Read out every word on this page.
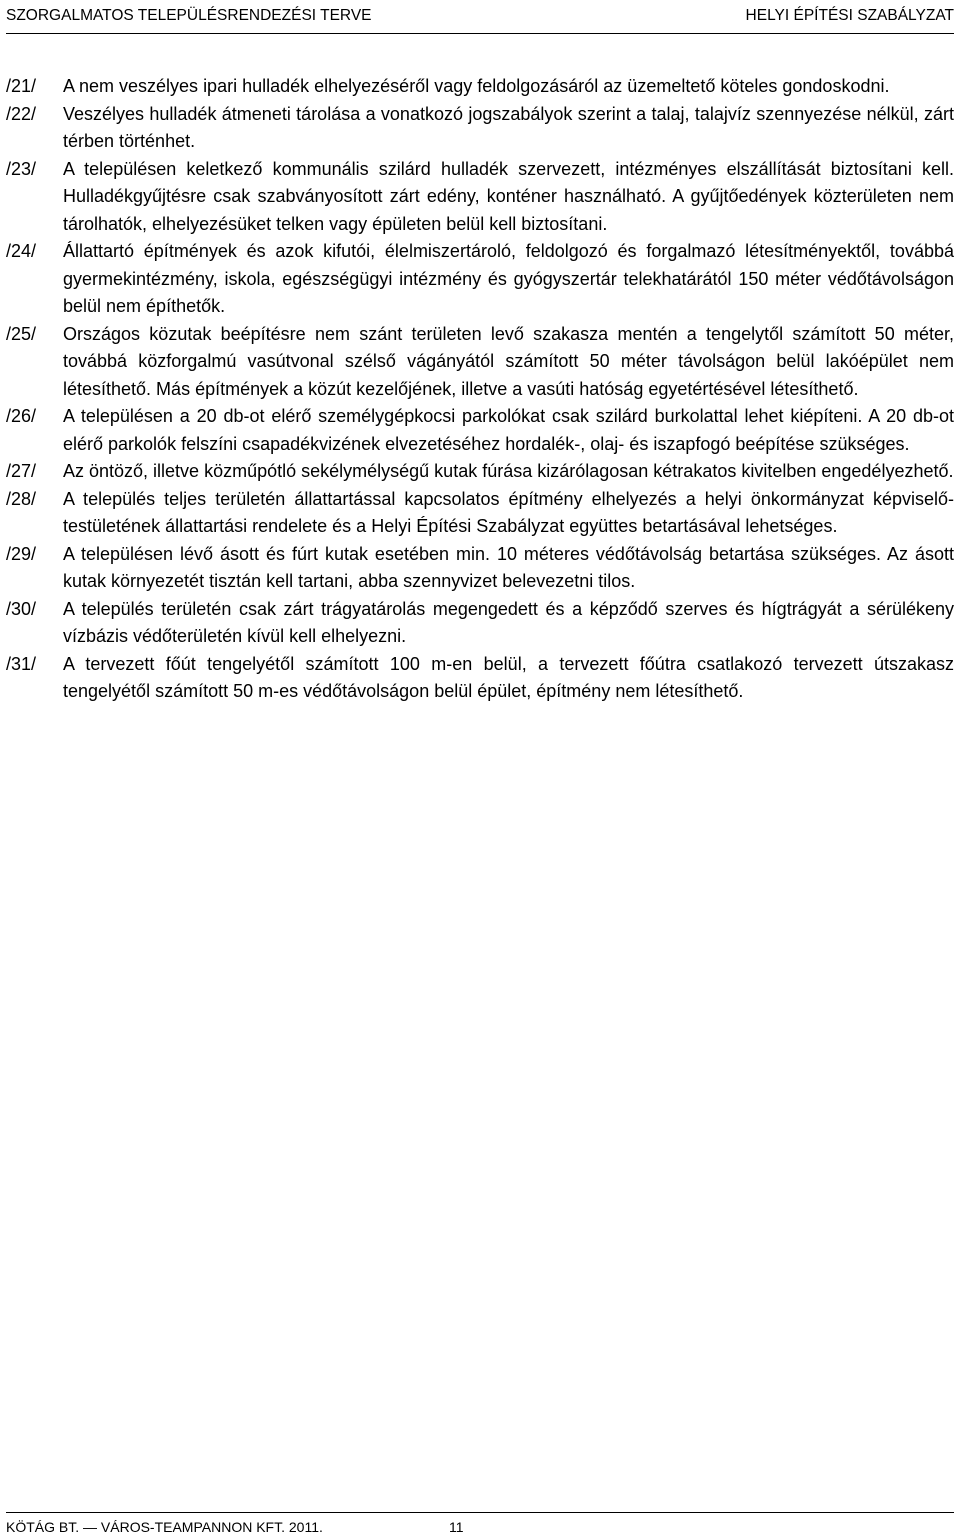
SZORGALMATOS TELEPÜLÉSRENDEZÉSI TERVE	HELYI ÉPÍTÉSI SZABÁLYZAT
/21/	A nem veszélyes ipari hulladék elhelyezéséről vagy feldolgozásáról az üzemeltető köteles gondoskodni.

/22/	Veszélyes hulladék átmeneti tárolása a vonatkozó jogszabályok szerint a talaj, talajvíz szennyezése nélkül, zárt térben történhet.

/23/	A településen keletkező kommunális szilárd hulladék szervezett, intézményes elszállítását biztosítani kell. Hulladékgyűjtésre csak szabványosított zárt edény, konténer használható. A gyűjtőedények közterületen nem tárolhatók, elhelyezésüket telken vagy épületen belül kell biztosítani.

/24/	Állattartó építmények és azok kifutói, élelmiszertároló, feldolgozó és forgalmazó létesítményektől, továbbá gyermekintézmény, iskola, egészségügyi intézmény és gyógyszertár telekhatárától 150 méter védőtávolságon belül nem építhetők.

/25/	Országos közutak beépítésre nem szánt területen levő szakasza mentén a tengelytől számított 50 méter, továbbá közforgalmú vasútvonal szélső vágányától számított 50 méter távolságon belül lakóépület nem létesíthető. Más építmények a közút kezelőjének, illetve a vasúti hatóság egyetértésével létesíthető.

/26/	A településen a 20 db-ot elérő személygépkocsi parkolókat csak szilárd burkolattal lehet kiépíteni. A 20 db-ot elérő parkolók felszíni csapadékvizének elvezetéséhez hordalék-, olaj- és iszapfogó beépítése szükséges.

/27/	Az öntöző, illetve közműpótló sekélymélységű kutak fúrása kizárólagosan kétrakatos kivitelben engedélyezhető.

/28/	A település teljes területén állattartással kapcsolatos építmény elhelyezés a helyi önkormányzat képviselő-testületének állattartási rendelete és a Helyi Építési Szabályzat együttes betartásával lehetséges.

/29/	A településen lévő ásott és fúrt kutak esetében min. 10 méteres védőtávolság betartása szükséges. Az ásott kutak környezetét tisztán kell tartani, abba szennyvizet belevezetni tilos.

/30/	A település területén csak zárt trágyatárolás megengedett és a képződő szerves és hígtrágyát a sérülékeny vízbázis védőterületén kívül kell elhelyezni.

/31/	A tervezett főút tengelyétől számított 100 m-en belül, a tervezett főútra csatlakozó tervezett útszakasz tengelyétől számított 50 m-es védőtávolságon belül épület, építmény nem létesíthető.

KÖTÁG BT. — VÁROS-TEAMPANNON KFT. 2011.	11
